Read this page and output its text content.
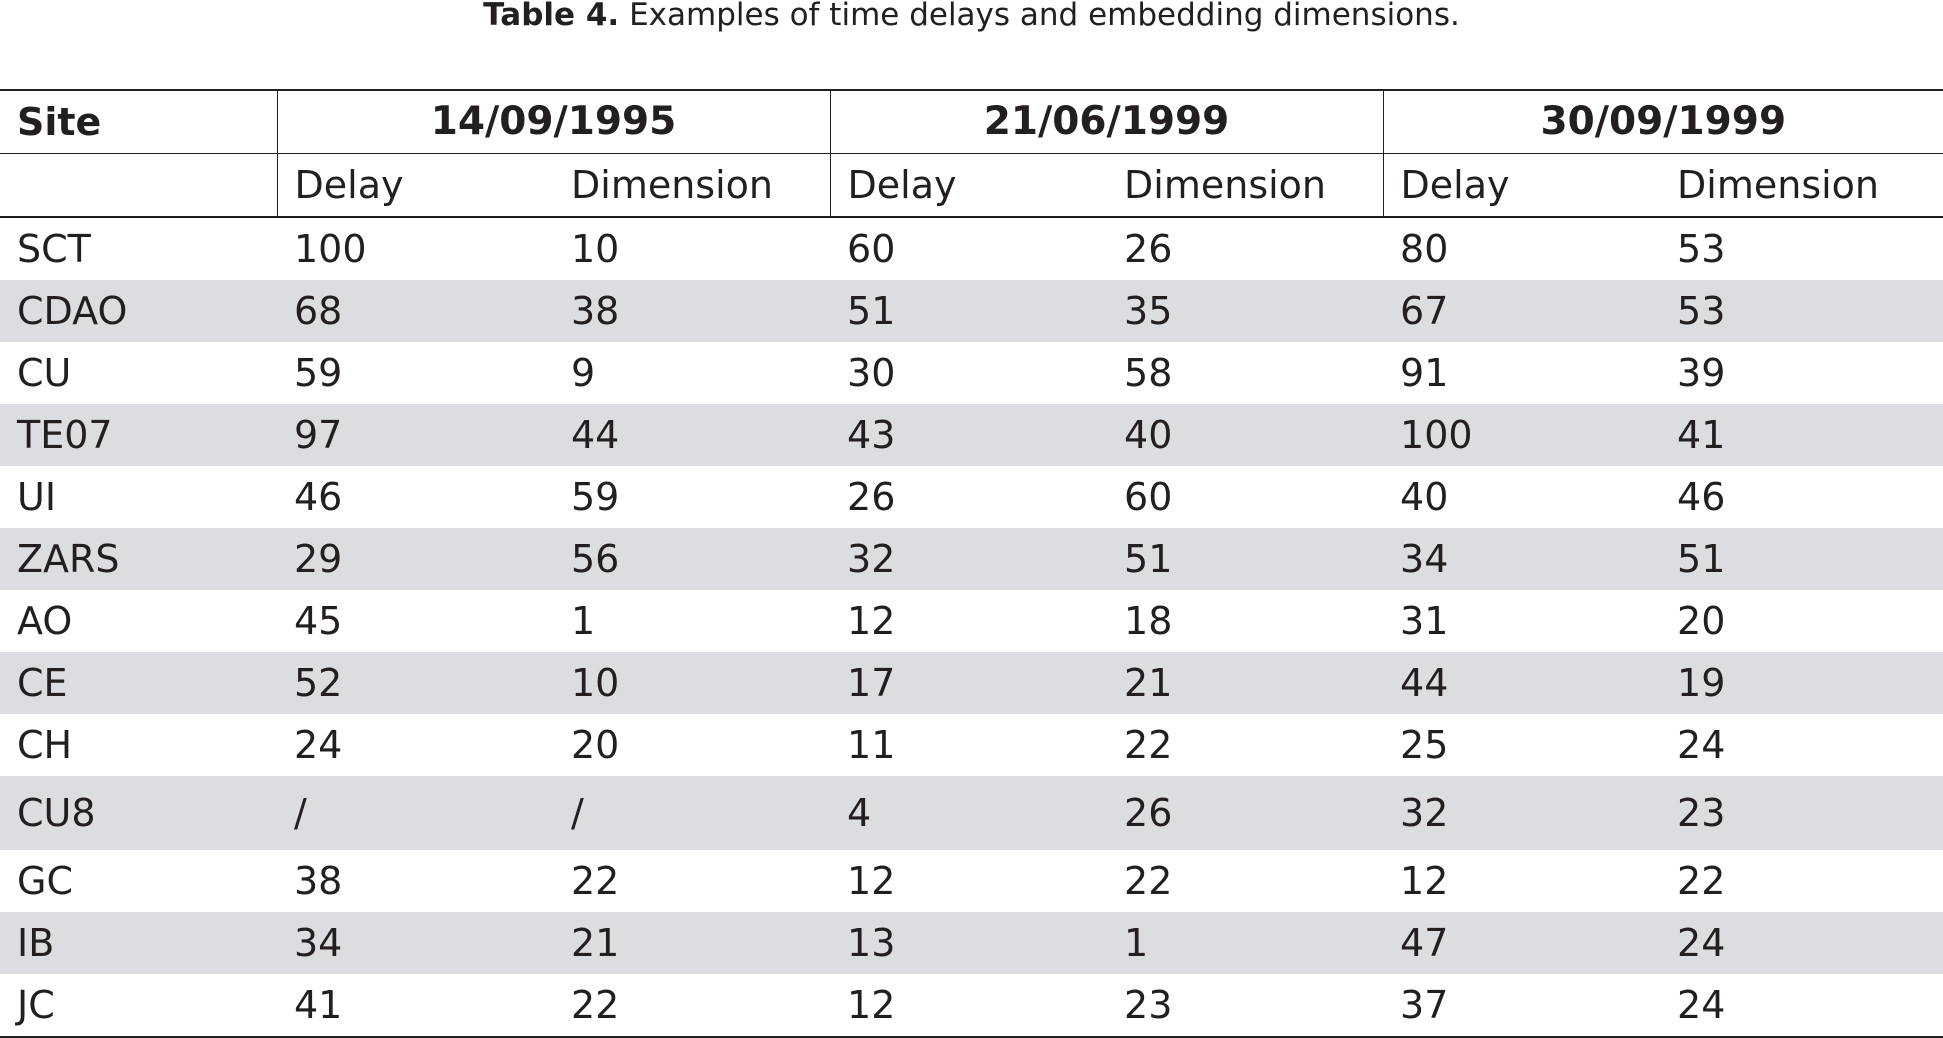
Table 4. Examples of time delays and embedding dimensions.
Site	14/09/1995		21/06/1999		30/09/1999	
	Delay	Dimension	Delay	Dimension	Delay	Dimension
SCT	100	10	60	26	80	53
CDAO	68	38	51	35	67	53
CU	59	9	30	58	91	39
TE07	97	44	43	40	100	41
UI	46	59	26	60	40	46
ZARS	29	56	32	51	34	51
AO	45	1	12	18	31	20
CE	52	10	17	21	44	19
CH	24	20	11	22	25	24
CU8	/	/	4	26	32	23
GC	38	22	12	22	12	22
IB	34	21	13	1	47	24
JC	41	22	12	23	37	24
